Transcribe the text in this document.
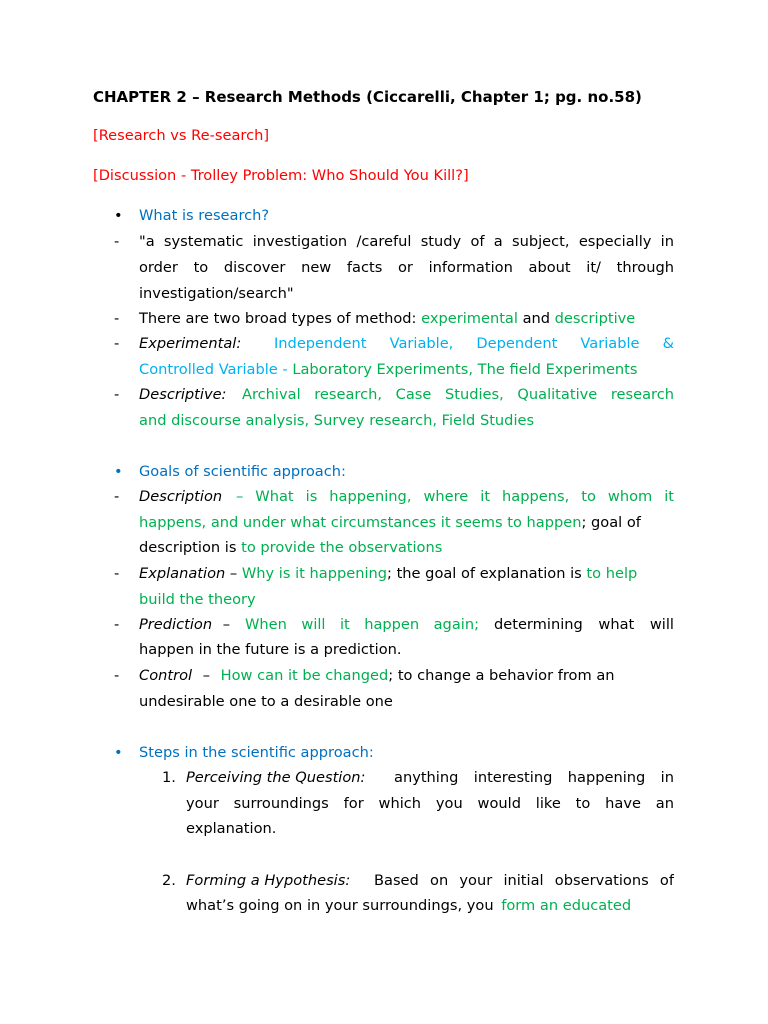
CHAPTER 2 – Research Methods (Ciccarelli, Chapter 1; pg. no.58)
[Research vs Re-search]
[Discussion - Trolley Problem: Who Should You Kill?]
• What is research?
- "a systematic investigation /careful study of a subject, especially in
order to discover new facts or information about it/ through
investigation/search"
- There are two broad types of method: experimental and descriptive
- Experimental: Independent Variable, Dependent Variable &
Controlled Variable - Laboratory Experiments, The field Experiments
- Descriptive: Archival research, Case Studies, Qualitative research
and discourse analysis, Survey research, Field Studies
• Goals of scientific approach:
- Description – What is happening, where it happens, to whom it
happens, and under what circumstances it seems to happen; goal of
description is to provide the observations
- Explanation – Why is it happening; the goal of explanation is to help
build the theory
- Prediction – When will it happen again; determining what will
happen in the future is a prediction.
- Control – How can it be changed; to change a behavior from an
undesirable one to a desirable one
• Steps in the scientific approach:
1. Perceiving the Question: anything interesting happening in
your surroundings for which you would like to have an
explanation.
2. Forming a Hypothesis: Based on your initial observations of
what’s going on in your surroundings, you form an educated
